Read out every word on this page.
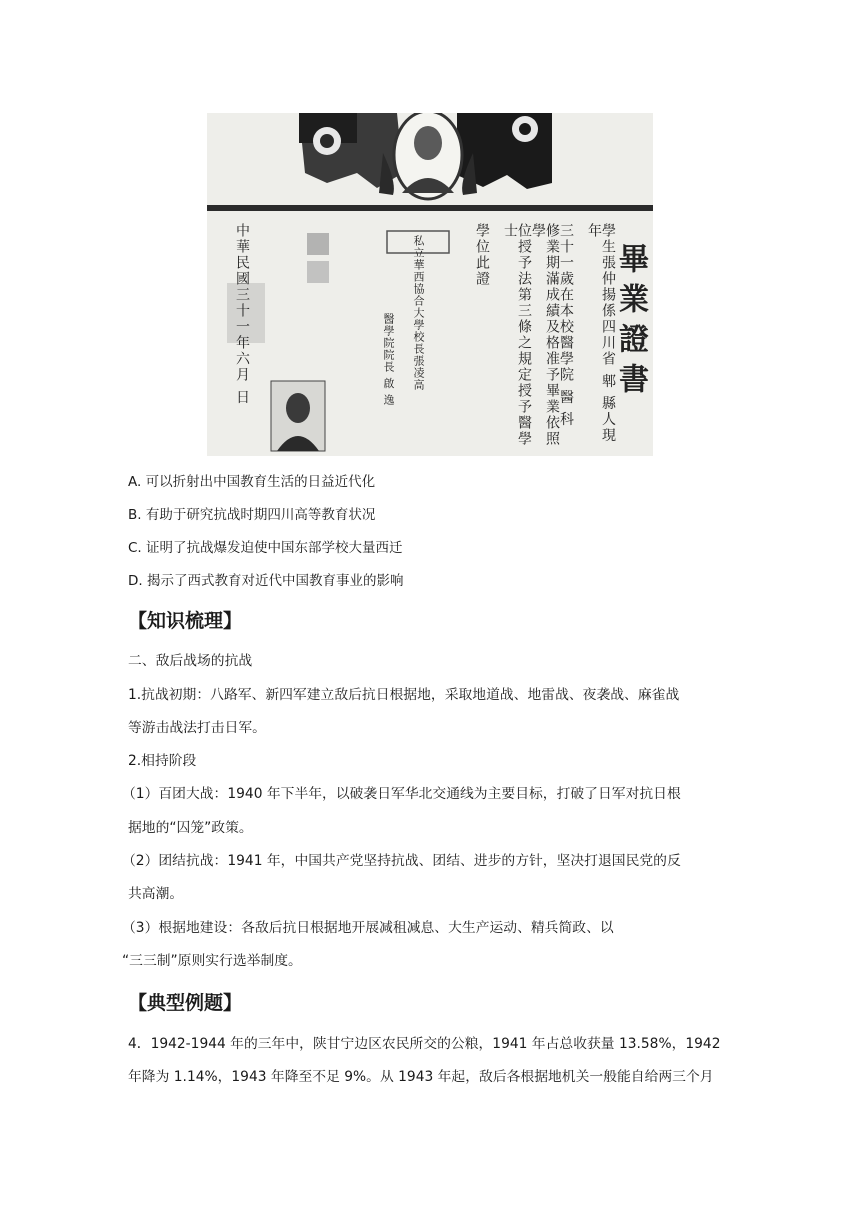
畢業證書
學生張仲揚係四川省 郫 縣人現年
三十一歲在本校醫學院 醫 科
修業期滿成績及格准予畢業依照學
位授予法第三條之規定授予醫學士
學位此證
私立華西協合大學校長張凌高
醫學院院長 啟 逸
中華民國三十一年六月 日
A. 可以折射出中国教育生活的日益近代化
B. 有助于研究抗战时期四川高等教育状况
C. 证明了抗战爆发迫使中国东部学校大量西迁
D. 揭示了西式教育对近代中国教育事业的影响
【知识梳理】
二、敌后战场的抗战
1.抗战初期：八路军、新四军建立敌后抗日根据地，采取地道战、地雷战、夜袭战、麻雀战
等游击战法打击日军。
2.相持阶段
（1）百团大战：1940 年下半年，以破袭日军华北交通线为主要目标，打破了日军对抗日根
据地的“囚笼”政策。
（2）团结抗战：1941 年，中国共产党坚持抗战、团结、进步的方针，坚决打退国民党的反
共高潮。
（3）根据地建设：各敌后抗日根据地开展减租减息、大生产运动、精兵简政、以
“三三制”原则实行选举制度。
【典型例题】
4．1942-1944 年的三年中，陕甘宁边区农民所交的公粮，1941 年占总收获量 13.58%，1942
年降为 1.14%，1943 年降至不足 9%。从 1943 年起，敌后各根据地机关一般能自给两三个月
